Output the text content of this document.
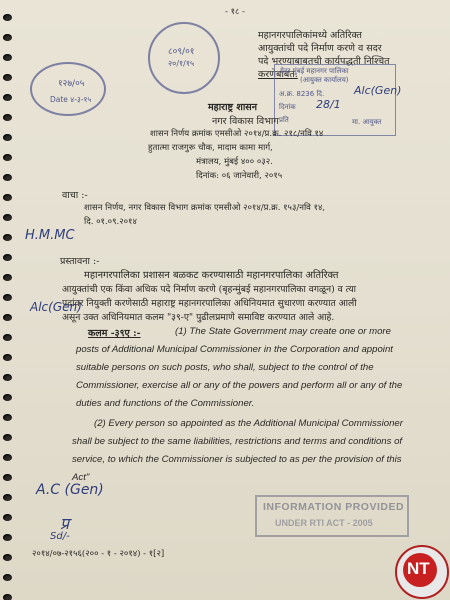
- १८ -
महानगरपालिकांमध्ये अतिरिक्त
आयुक्तांची पदे निर्माण करणे व सदर
पदे भरण्याबाबतची कार्यपद्धती निश्चित
करणेबाबत.
१२७/०५
Date ४-३-१५
८०९/०१
२०/१/१५
ग्रेटर मुंबई महानगर पालिका
(आयुक्त कार्यालय)
अ.क्र. 8236 दि.	Alc(Gen)
दिनांक 28/1
प्रति	मा. आयुक्त
महाराष्ट्र शासन
नगर विकास विभाग
शासन निर्णय क्रमांक एमसीओ २०१४/प्र.क्र. २१८/नवि १४
हुतात्मा राजगुरू चौक, मादाम कामा मार्ग,
मंत्रालय, मुंबई ४०० ०३२.
दिनांक: ०६ जानेवारी, २०१५
वाचा :-
शासन निर्णय, नगर विकास विभाग क्रमांक एमसीओ २०१४/प्र.क्र. १५३/नवि १४,
दि. ०१.०९.२०१४
H.M.MC
प्रस्तावना :-
महानगरपालिका प्रशासन बळकट करण्यासाठी महानगरपालिका अतिरिक्त
आयुक्तांची एक किंवा अधिक पदे निर्माण करणे (बृहन्मुंबई महानगरपालिका वगळून) व त्या
पदांवर नियुक्ती करणेसाठी महाराष्ट्र महानगरपालिका अधिनियमात सुधारणा करण्यात आली
असून उक्त अधिनियमात कलम "३९-ए" पुढीलप्रमाणे समाविष्ट करण्यात आले आहे.
Alc(Gen)
कलम -३९ए :-	(1) The State Government may create one or more
posts of Additional Municipal Commissioner in the Corporation and appoint
suitable persons on such posts, who shall, subject to the control of the
Commissioner, exercise all or any of the powers and perform all or any of the
duties and functions of the Commissioner.
(2) Every person so appointed as the Additional Municipal Commissioner
shall be subject to the same liabilities, restrictions and terms and conditions of
service, to which the Commissioner is subjected to as per the provision of this
Act"
A.C (Gen)
प्र
Sd/-
INFORMATION PROVIDED
UNDER RTI ACT - 2005
२०१४/०७-२१५६(२०० - १ - २०१४) - १[२]
NT
